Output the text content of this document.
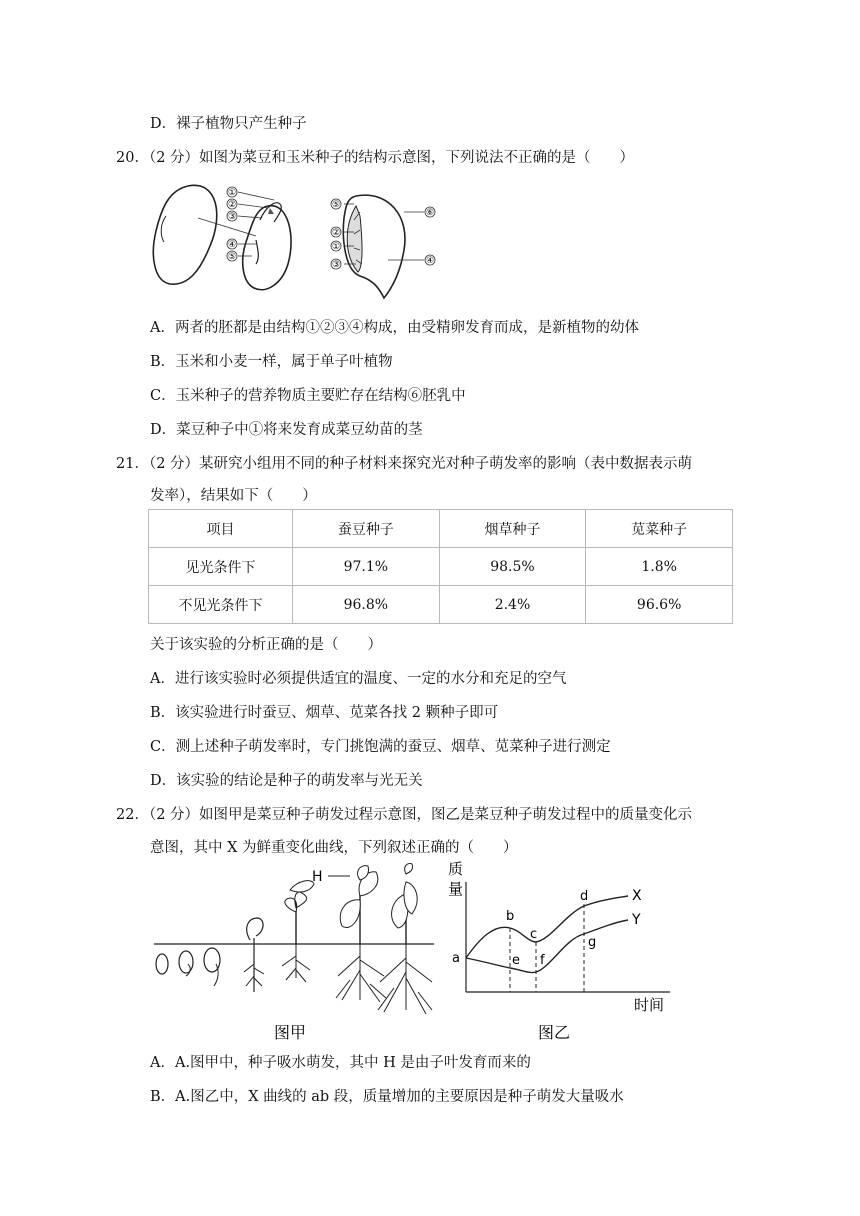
D．裸子植物只产生种子
20．（2 分）如图为菜豆和玉米种子的结构示意图，下列说法不正确的是（　　）
①
②
③
④
⑤
⑤
⑥
②
①
③	④
A．两者的胚都是由结构①②③④构成，由受精卵发育而成，是新植物的幼体
B．玉米和小麦一样，属于单子叶植物
C．玉米种子的营养物质主要贮存在结构⑥胚乳中
D．菜豆种子中①将来发育成菜豆幼苗的茎
21．（2 分）某研究小组用不同的种子材料来探究光对种子萌发率的影响（表中数据表示萌
发率），结果如下（　　）
项目	蚕豆种子	烟草种子	苋菜种子
见光条件下	97.1%	98.5%	1.8%
不见光条件下	96.8%	2.4%	96.6%
关于该实验的分析正确的是（　　）
A．进行该实验时必须提供适宜的温度、一定的水分和充足的空气
B．该实验进行时蚕豆、烟草、苋菜各找 2 颗种子即可
C．测上述种子萌发率时，专门挑饱满的蚕豆、烟草、苋菜种子进行测定
D．该实验的结论是种子的萌发率与光无关
22．（2 分）如图甲是菜豆种子萌发过程示意图，图乙是菜豆种子萌发过程中的质量变化示
意图，其中 X 为鲜重变化曲线，下列叙述正确的（　　）
H
图甲
质
量
时间
a
b
c
d
e f
g
X
Y
图乙
A．A.图甲中，种子吸水萌发，其中 H 是由子叶发育而来的
B．A.图乙中，X 曲线的 ab 段，质量增加的主要原因是种子萌发大量吸水
